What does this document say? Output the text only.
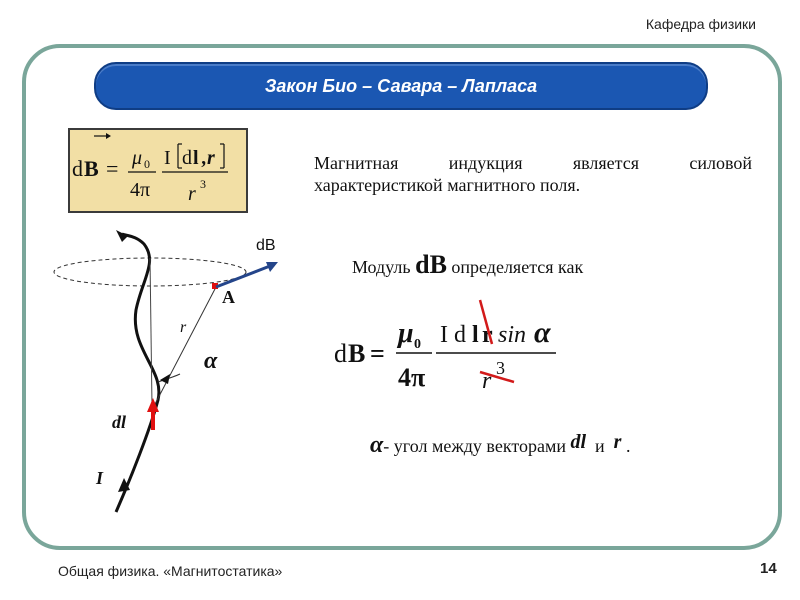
Кафедра физики
Закон Био – Савара – Лапласа
d B = μ 0
4π
I d l ,r
r 3
Магнитная индукция является силовой
характеристикой магнитного поля.
Модуль dB определяется как
d B =
μ 0
4π
I d l r sin α
r 3
α- угол между векторами dl и r .
dB
A
r
α
dl
I
Общая физика. «Магнитостатика»	14
